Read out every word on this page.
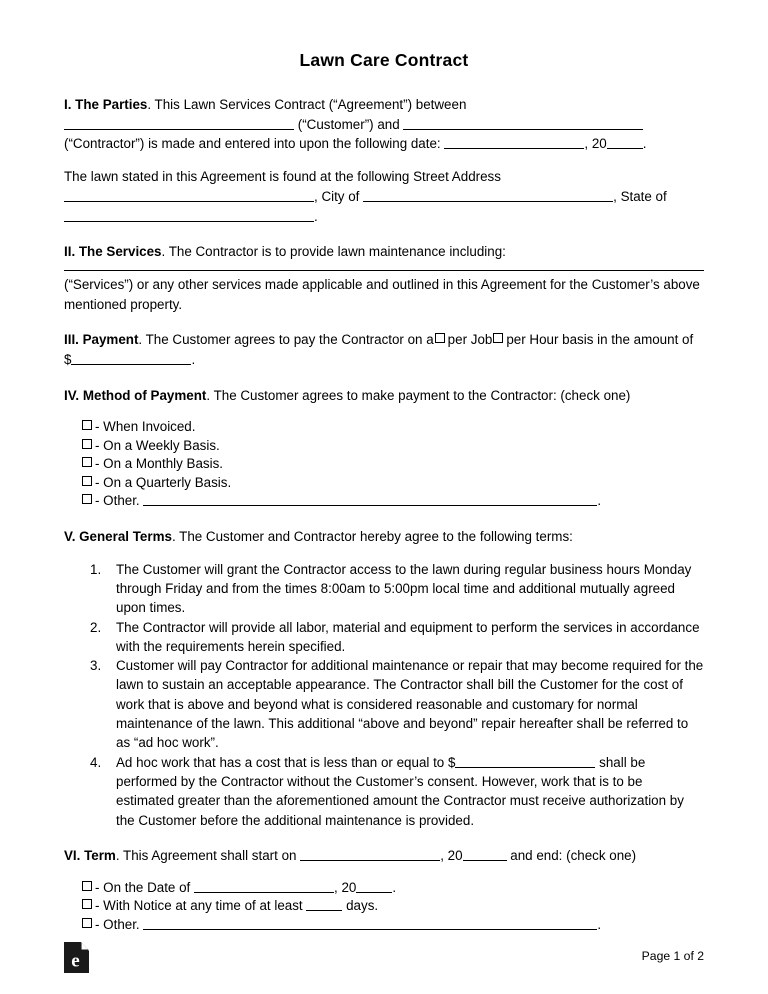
Lawn Care Contract

I. The Parties. This Lawn Services Contract (“Agreement”) between
(“Customer”) and
(“Contractor”) is made and entered into upon the following date:	, 20	.

The lawn stated in this Agreement is found at the following Street Address
, City of	, State of
.

II. The Services. The Contractor is to provide lawn maintenance including:
(“Services”) or any other services made applicable and outlined in this Agreement for the Customer’s above mentioned property.

III. Payment. The Customer agrees to pay the Contractor on a per Job per Hour basis in the amount of $	.

IV. Method of Payment. The Customer agrees to make payment to the Contractor: (check one)

- When Invoiced.
- On a Weekly Basis.
- On a Monthly Basis.
- On a Quarterly Basis.
- Other.	.

V. General Terms. The Customer and Contractor hereby agree to the following terms:

The Customer will grant the Contractor access to the lawn during regular business hours Monday through Friday and from the times 8:00am to 5:00pm local time and additional mutually agreed upon times.
The Contractor will provide all labor, material and equipment to perform the services in accordance with the requirements herein specified.
Customer will pay Contractor for additional maintenance or repair that may become required for the lawn to sustain an acceptable appearance. The Contractor shall bill the Customer for the cost of work that is above and beyond what is considered reasonable and customary for normal maintenance of the lawn. This additional “above and beyond” repair hereafter shall be referred to as “ad hoc work”.
Ad hoc work that has a cost that is less than or equal to $	shall be performed by the Contractor without the Customer’s consent. However, work that is to be estimated greater than the aforementioned amount the Contractor must receive authorization by the Customer before the additional maintenance is provided.

VI. Term. This Agreement shall start on	, 20	and end: (check one)

- On the Date of	, 20	.
- With Notice at any time of at least	days.
- Other.	.
e	Page 1 of 2
